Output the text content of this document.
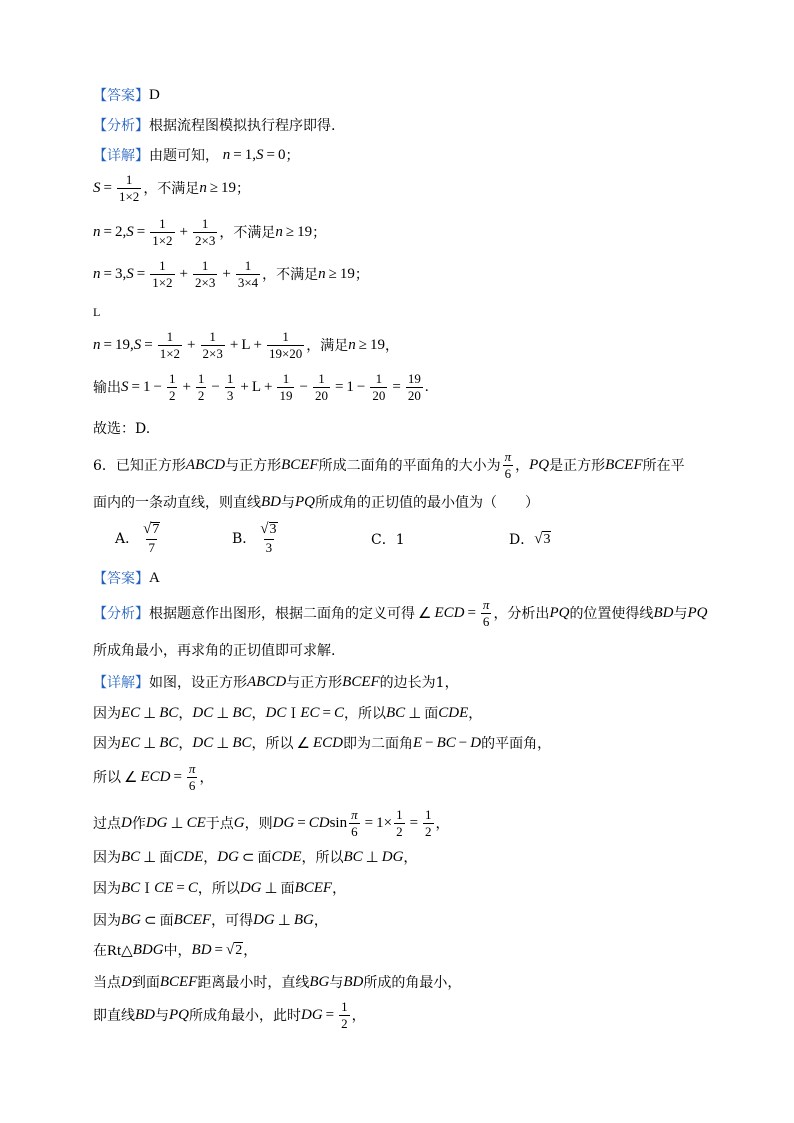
【答案】 D
【分析】 根据流程图模拟执行程序即得.
【详解】 由题可知， n = 1, S = 0 ；
$S = \frac{1}{1\times 2}$ ，不满足 n ≥ 19 ；
n = 2, $S = \frac{1}{1\times 2} + \frac{1}{2\times 3}$ ，不满足 n ≥ 19 ；
n = 3, $S = \frac{1}{1\times 2} + \frac{1}{2\times 3} + \frac{1}{3\times 4}$ ，不满足 n ≥ 19 ；
L
n = 19, $S = \frac{1}{1\times 2} + \frac{1}{2\times 3} + L + \frac{1}{19\times 20}$ ，满足 n ≥ 19 ，
输出 $S = 1 - \frac{1}{2} + \frac{1}{2} - \frac{1}{3} + L + \frac{1}{19} - \frac{1}{20} = 1 - \frac{1}{20} = \frac{19}{20}$ .
故选：D.
6．已知正方形 ABCD 与正方形 BCEF 所成二面角的平面角的大小为 $\frac{\pi}{6}$ ， PQ 是正方形 BCEF 所在平
面内的一条动直线，则直线 BD 与 PQ 所成角的正切值的最小值为（　　）
A． $\frac{√ 7}{7}$	B． $\frac{√ 3}{3}$	C．1	D． √ 3
【答案】 A
【分析】 根据题意作出图形，根据二面角的定义可得 ∠ ECD = $\frac{\pi}{6}$ ，分析出 PQ 的位置使得线 BD 与 PQ
所成角最小，再求角的正切值即可求解.
【详解】 如图，设正方形 ABCD 与正方形 BCEF 的边长为1，
因为 EC ⊥ BC ， DC ⊥ BC ， DC Ｉ EC = C ，所以 BC ⊥ 面 CDE ，
因为 EC ⊥ BC ， DC ⊥ BC ，所以 ∠ ECD 即为二面角 E − BC − D 的平面角，
所以 ∠ ECD = $\frac{\pi}{6}$ ，
过点 D 作 DG ⊥ CE 于点 G ，则 DG = CD $\sin \frac{\pi}{6} = 1\times \frac{1}{2} = \frac{1}{2}$ ，
因为 BC ⊥ 面 CDE ， DG ⊂ 面 CDE ，所以 BC ⊥ DG ，
因为 BC Ｉ CE = C ，所以 DG ⊥ 面 BCEF ，
因为 BG ⊂ 面 BCEF ，可得 DG ⊥ BG ，
在 Rt△ BDG 中， BD = √ 2 ，
当点 D 到面 BCEF 距离最小时，直线 BG 与 BD 所成的角最小，
即直线 BD 与 PQ 所成角最小，此时 DG = $\frac{1}{2}$ ，
